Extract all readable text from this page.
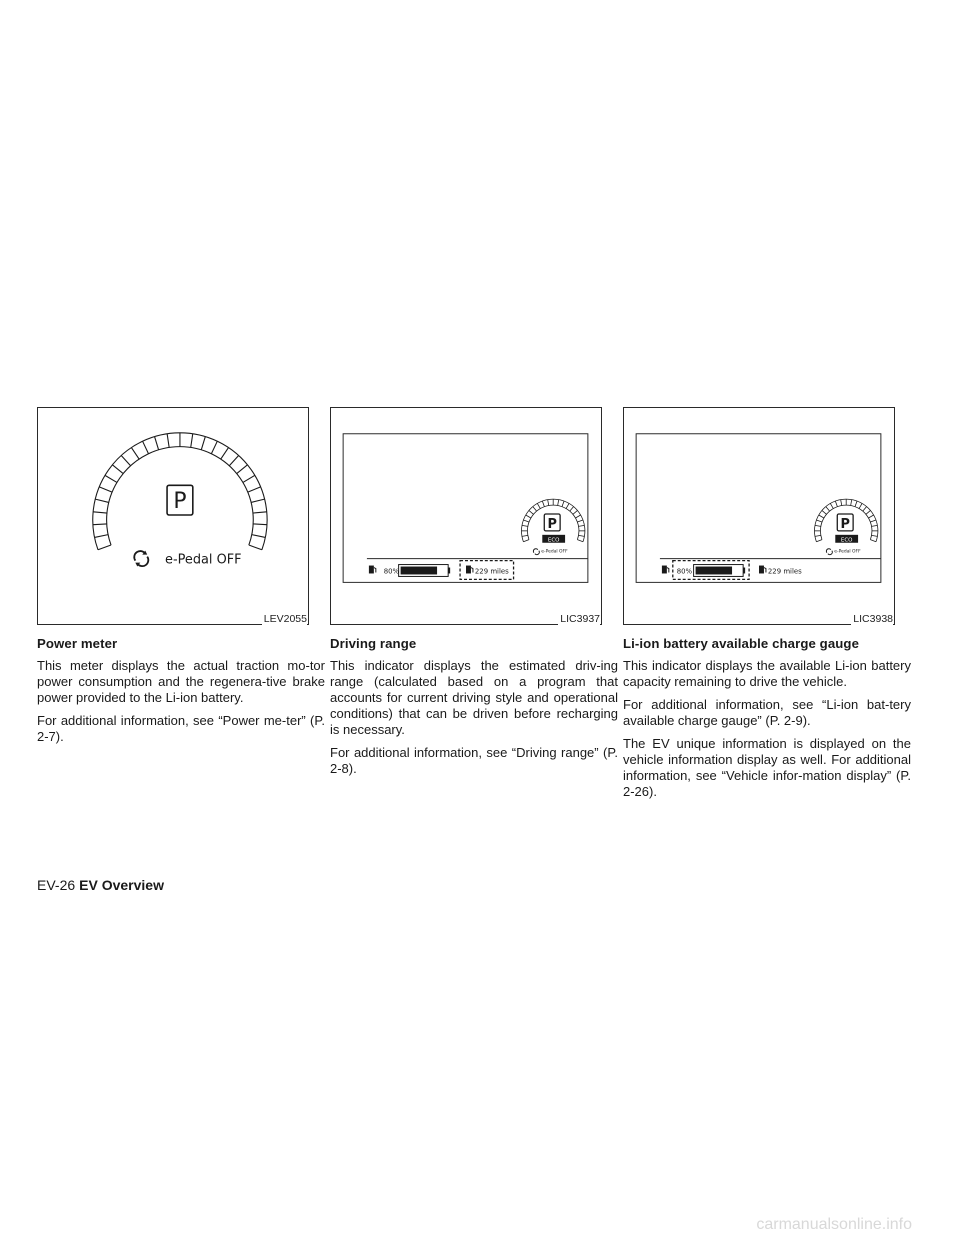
P
e-Pedal OFF
LEV2055
P
ECO
e-Pedal OFF
80%	229 miles
LIC3937
P
ECO
e-Pedal OFF
80%	229 miles
LIC3938
Power meter

This meter displays the actual traction mo-tor power consumption and the regenera-tive brake power provided to the Li-ion battery.

For additional information, see “Power me-ter” (P. 2-7).

Driving range

This indicator displays the estimated driv-ing range (calculated based on a program that accounts for current driving style and operational conditions) that can be driven before recharging is necessary.

For additional information, see “Driving range” (P. 2-8).

Li-ion battery available charge gauge

This indicator displays the available Li-ion battery capacity remaining to drive the vehicle.

For additional information, see “Li-ion bat-tery available charge gauge” (P. 2-9).

The EV unique information is displayed on the vehicle information display as well. For additional information, see “Vehicle infor-mation display” (P. 2-26).

EV-26 EV Overview
carmanualsonline.info
